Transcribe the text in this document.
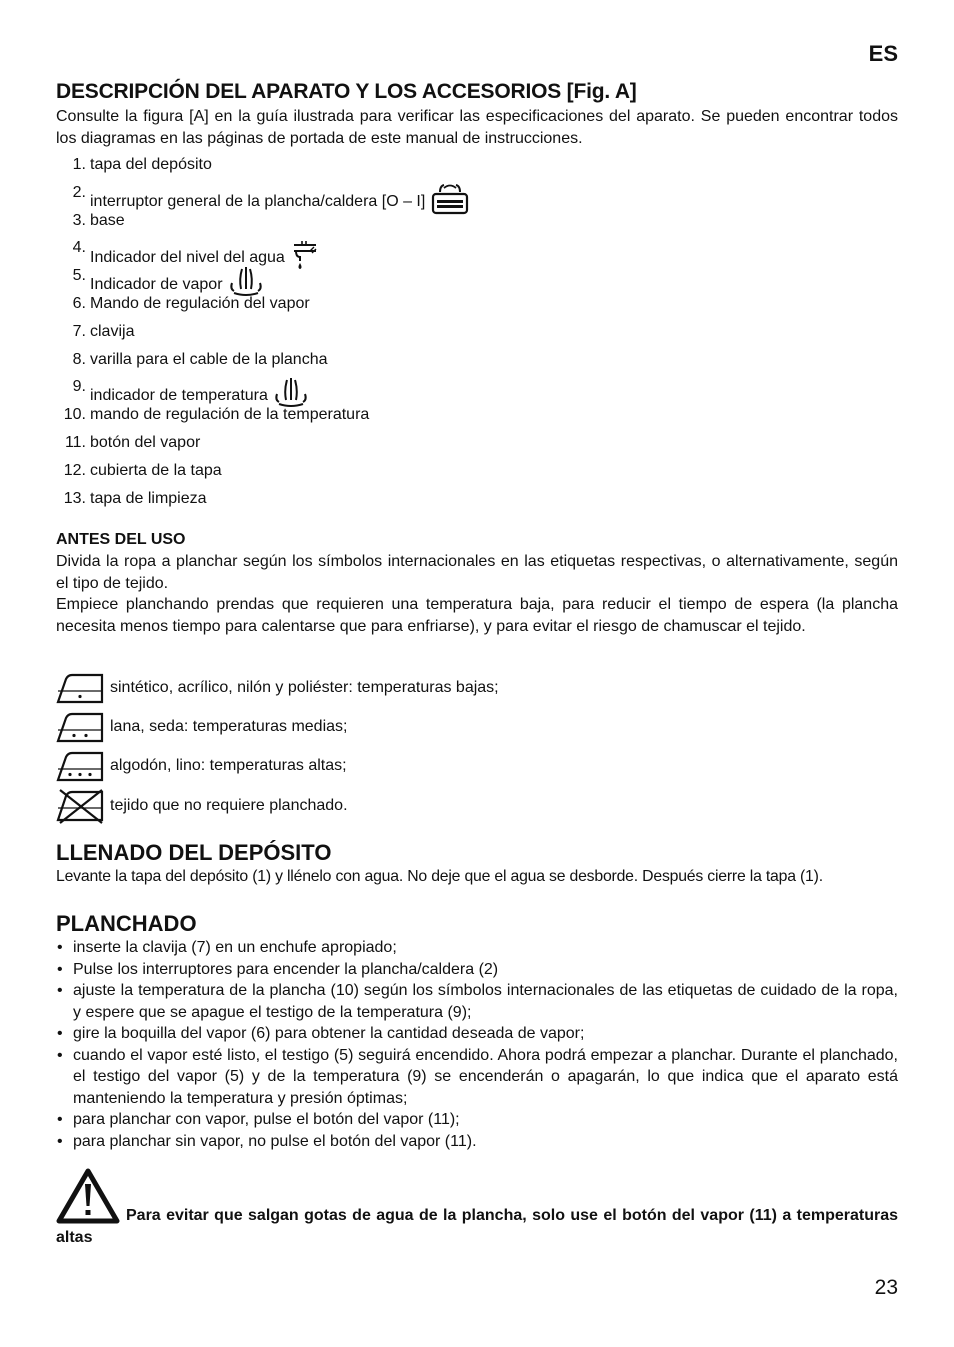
ES
DESCRIPCIÓN DEL APARATO Y LOS ACCESORIOS [Fig. A]
Consulte la figura [A] en la guía ilustrada para verificar las especificaciones del aparato. Se pueden encontrar todos los diagramas en las páginas de portada de este manual de instrucciones.
1. tapa del depósito
2.
interruptor general de la plancha/caldera [O – I]
3. base
4.
Indicador del nivel del agua
5. Indicador de vapor
6. Mando de regulación del vapor
7. clavija
8. varilla para el cable de la plancha
9. indicador de temperatura
10. mando de regulación de la temperatura
11. botón del vapor
12. cubierta de la tapa
13. tapa de limpieza
ANTES DEL USO
Divida la ropa a planchar según los símbolos internacionales en las etiquetas respectivas, o alternativamente, según el tipo de tejido.
Empiece planchando prendas que requieren una temperatura baja, para reducir el tiempo de espera (la plancha necesita menos tiempo para calentarse que para enfriarse), y para evitar el riesgo de chamuscar el tejido.
sintético, acrílico, nilón y poliéster: temperaturas bajas;
lana, seda: temperaturas medias;
algodón, lino: temperaturas altas;
tejido que no requiere planchado.
LLENADO DEL DEPÓSITO
Levante la tapa del depósito (1) y llénelo con agua. No deje que el agua se desborde. Después cierre la tapa (1).
PLANCHADO
• inserte la clavija (7) en un enchufe apropiado;
• Pulse los interruptores para encender la plancha/caldera (2)
• ajuste la temperatura de la plancha (10) según los símbolos internacionales de las etiquetas de cuidado de la ropa, y espere que se apague el testigo de la temperatura (9);
• gire la boquilla del vapor (6) para obtener la cantidad deseada de vapor;
• cuando el vapor esté listo, el testigo (5) seguirá encendido. Ahora podrá empezar a planchar. Durante el planchado, el testigo del vapor (5) y de la temperatura (9) se encenderán o apagarán, lo que indica que el aparato está manteniendo la temperatura y presión óptimas;
• para planchar con vapor, pulse el botón del vapor (11);
• para planchar sin vapor, no pulse el botón del vapor (11).
Para evitar que salgan gotas de agua de la plancha, solo use el botón del vapor (11) a temperaturas altas
23
